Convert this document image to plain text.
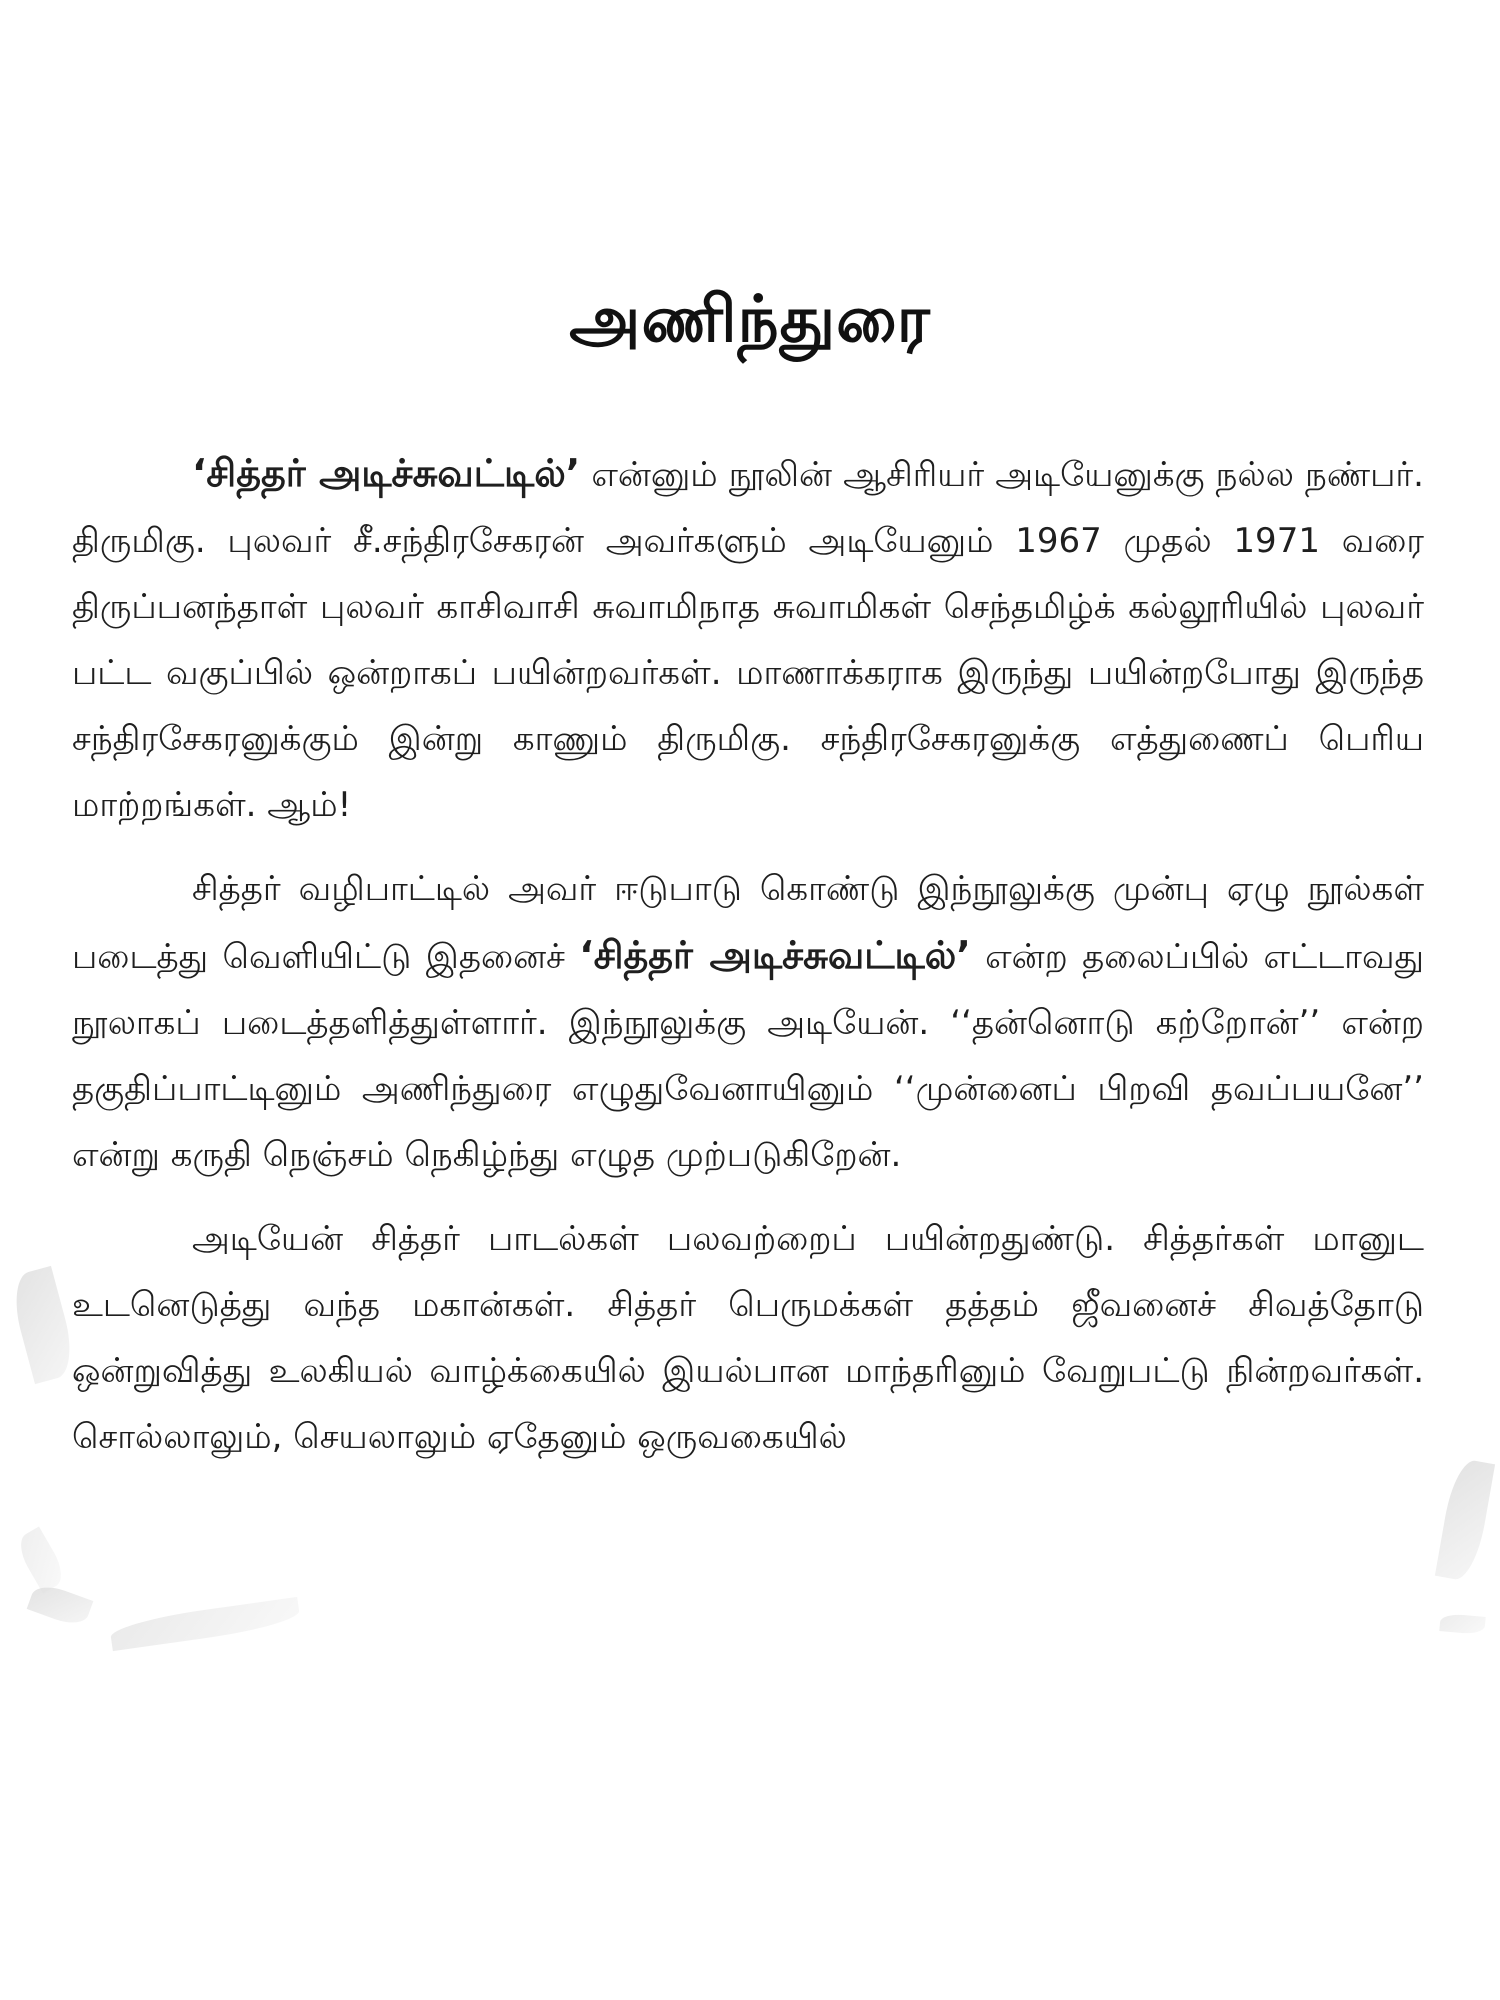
அணிந்துரை

‘சித்தர் அடிச்சுவட்டில்’ என்னும் நூலின் ஆசிரியர் அடியேனுக்கு நல்ல நண்பர். திருமிகு. புலவர் சீ.சந்திரசேகரன் அவர்களும் அடியேனும் 1967 முதல் 1971 வரை திருப்பனந்தாள் புலவர் காசிவாசி சுவாமிநாத சுவாமிகள் செந்தமிழ்க் கல்லூரியில் புலவர் பட்ட வகுப்பில் ஒன்றாகப் பயின்றவர்கள். மாணாக்கராக இருந்து பயின்றபோது இருந்த சந்திரசேகரனுக்கும் இன்று காணும் திருமிகு. சந்திரசேகரனுக்கு எத்துணைப் பெரிய மாற்றங்கள். ஆம்!

சித்தர் வழிபாட்டில் அவர் ஈடுபாடு கொண்டு இந்நூலுக்கு முன்பு ஏழு நூல்கள் படைத்து வெளியிட்டு இதனைச் ‘சித்தர் அடிச்சுவட்டில்’ என்ற தலைப்பில் எட்டாவது நூலாகப் படைத்தளித்துள்ளார். இந்நூலுக்கு அடியேன். ‘‘தன்னொடு கற்றோன்’’ என்ற தகுதிப்பாட்டினும் அணிந்துரை எழுதுவேனாயினும் ‘‘முன்னைப் பிறவி தவப்பயனே’’ என்று கருதி நெஞ்சம் நெகிழ்ந்து எழுத முற்படுகிறேன்.

அடியேன் சித்தர் பாடல்கள் பலவற்றைப் பயின்றதுண்டு. சித்தர்கள் மானுட உடனெடுத்து வந்த மகான்கள். சித்தர் பெருமக்கள் தத்தம் ஜீவனைச் சிவத்தோடு ஒன்றுவித்து உலகியல் வாழ்க்கையில் இயல்பான மாந்தரினும் வேறுபட்டு நின்றவர்கள். சொல்லாலும், செயலாலும் ஏதேனும் ஒருவகையில்
